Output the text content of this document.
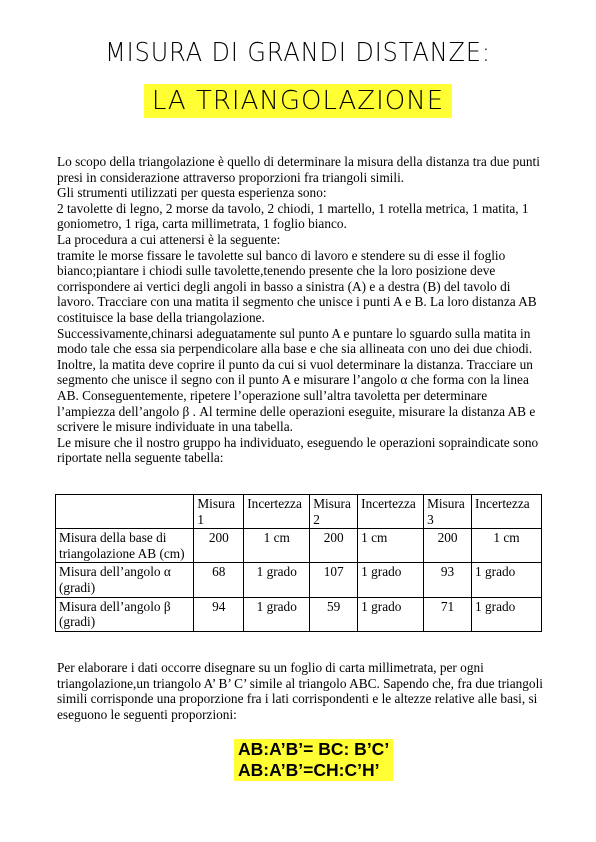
MISURA DI GRANDI DISTANZE:
LA TRIANGOLAZIONE

Lo scopo della triangolazione è quello di determinare la misura della distanza tra due punti presi in considerazione attraverso proporzioni fra triangoli simili.

Gli strumenti utilizzati per questa esperienza sono:

2 tavolette di legno, 2 morse da tavolo, 2 chiodi, 1 martello, 1 rotella metrica, 1 matita, 1 goniometro, 1 riga, carta millimetrata, 1 foglio bianco.

La procedura a cui attenersi è la seguente:

tramite le morse fissare le tavolette sul banco di lavoro e stendere su di esse il foglio bianco;piantare i chiodi sulle tavolette,tenendo presente che la loro posizione deve corrispondere ai vertici degli angoli in basso a sinistra (A) e a destra (B) del tavolo di lavoro. Tracciare con una matita il segmento che unisce i punti A e B. La loro distanza AB costituisce la base della triangolazione.

Successivamente,chinarsi adeguatamente sul punto A e puntare lo sguardo sulla matita in modo tale che essa sia perpendicolare alla base e che sia allineata con uno dei due chiodi. Inoltre, la matita deve coprire il punto da cui si vuol determinare la distanza. Tracciare un segmento che unisce il segno con il punto A e misurare l’angolo α che forma con la linea AB. Conseguentemente, ripetere l’operazione sull’altra tavoletta per determinare l’ampiezza dell’angolo β . Al termine delle operazioni eseguite, misurare la distanza AB e scrivere le misure individuate in una tabella.

Le misure che il nostro gruppo ha individuato, eseguendo le operazioni sopraindicate sono riportate nella seguente tabella:

	Misura 1	Incertezza	Misura 2	Incertezza	Misura 3	Incertezza
Misura della base di triangolazione AB (cm)	200	1 cm	200	1 cm	200	1 cm
Misura dell’angolo α (gradi)	68	1 grado	107	1 grado	93	1 grado
Misura dell’angolo β (gradi)	94	1 grado	59	1 grado	71	1 grado
Per elaborare i dati occorre disegnare su un foglio di carta millimetrata, per ogni triangolazione,un triangolo A’ B’ C’ simile al triangolo ABC. Sapendo che, fra due triangoli simili corrisponde una proporzione fra i lati corrispondenti e le altezze relative alle basi, si eseguono le seguenti proporzioni:
AB:A’B’= BC: B’C’
AB:A’B’=CH:C’H’
